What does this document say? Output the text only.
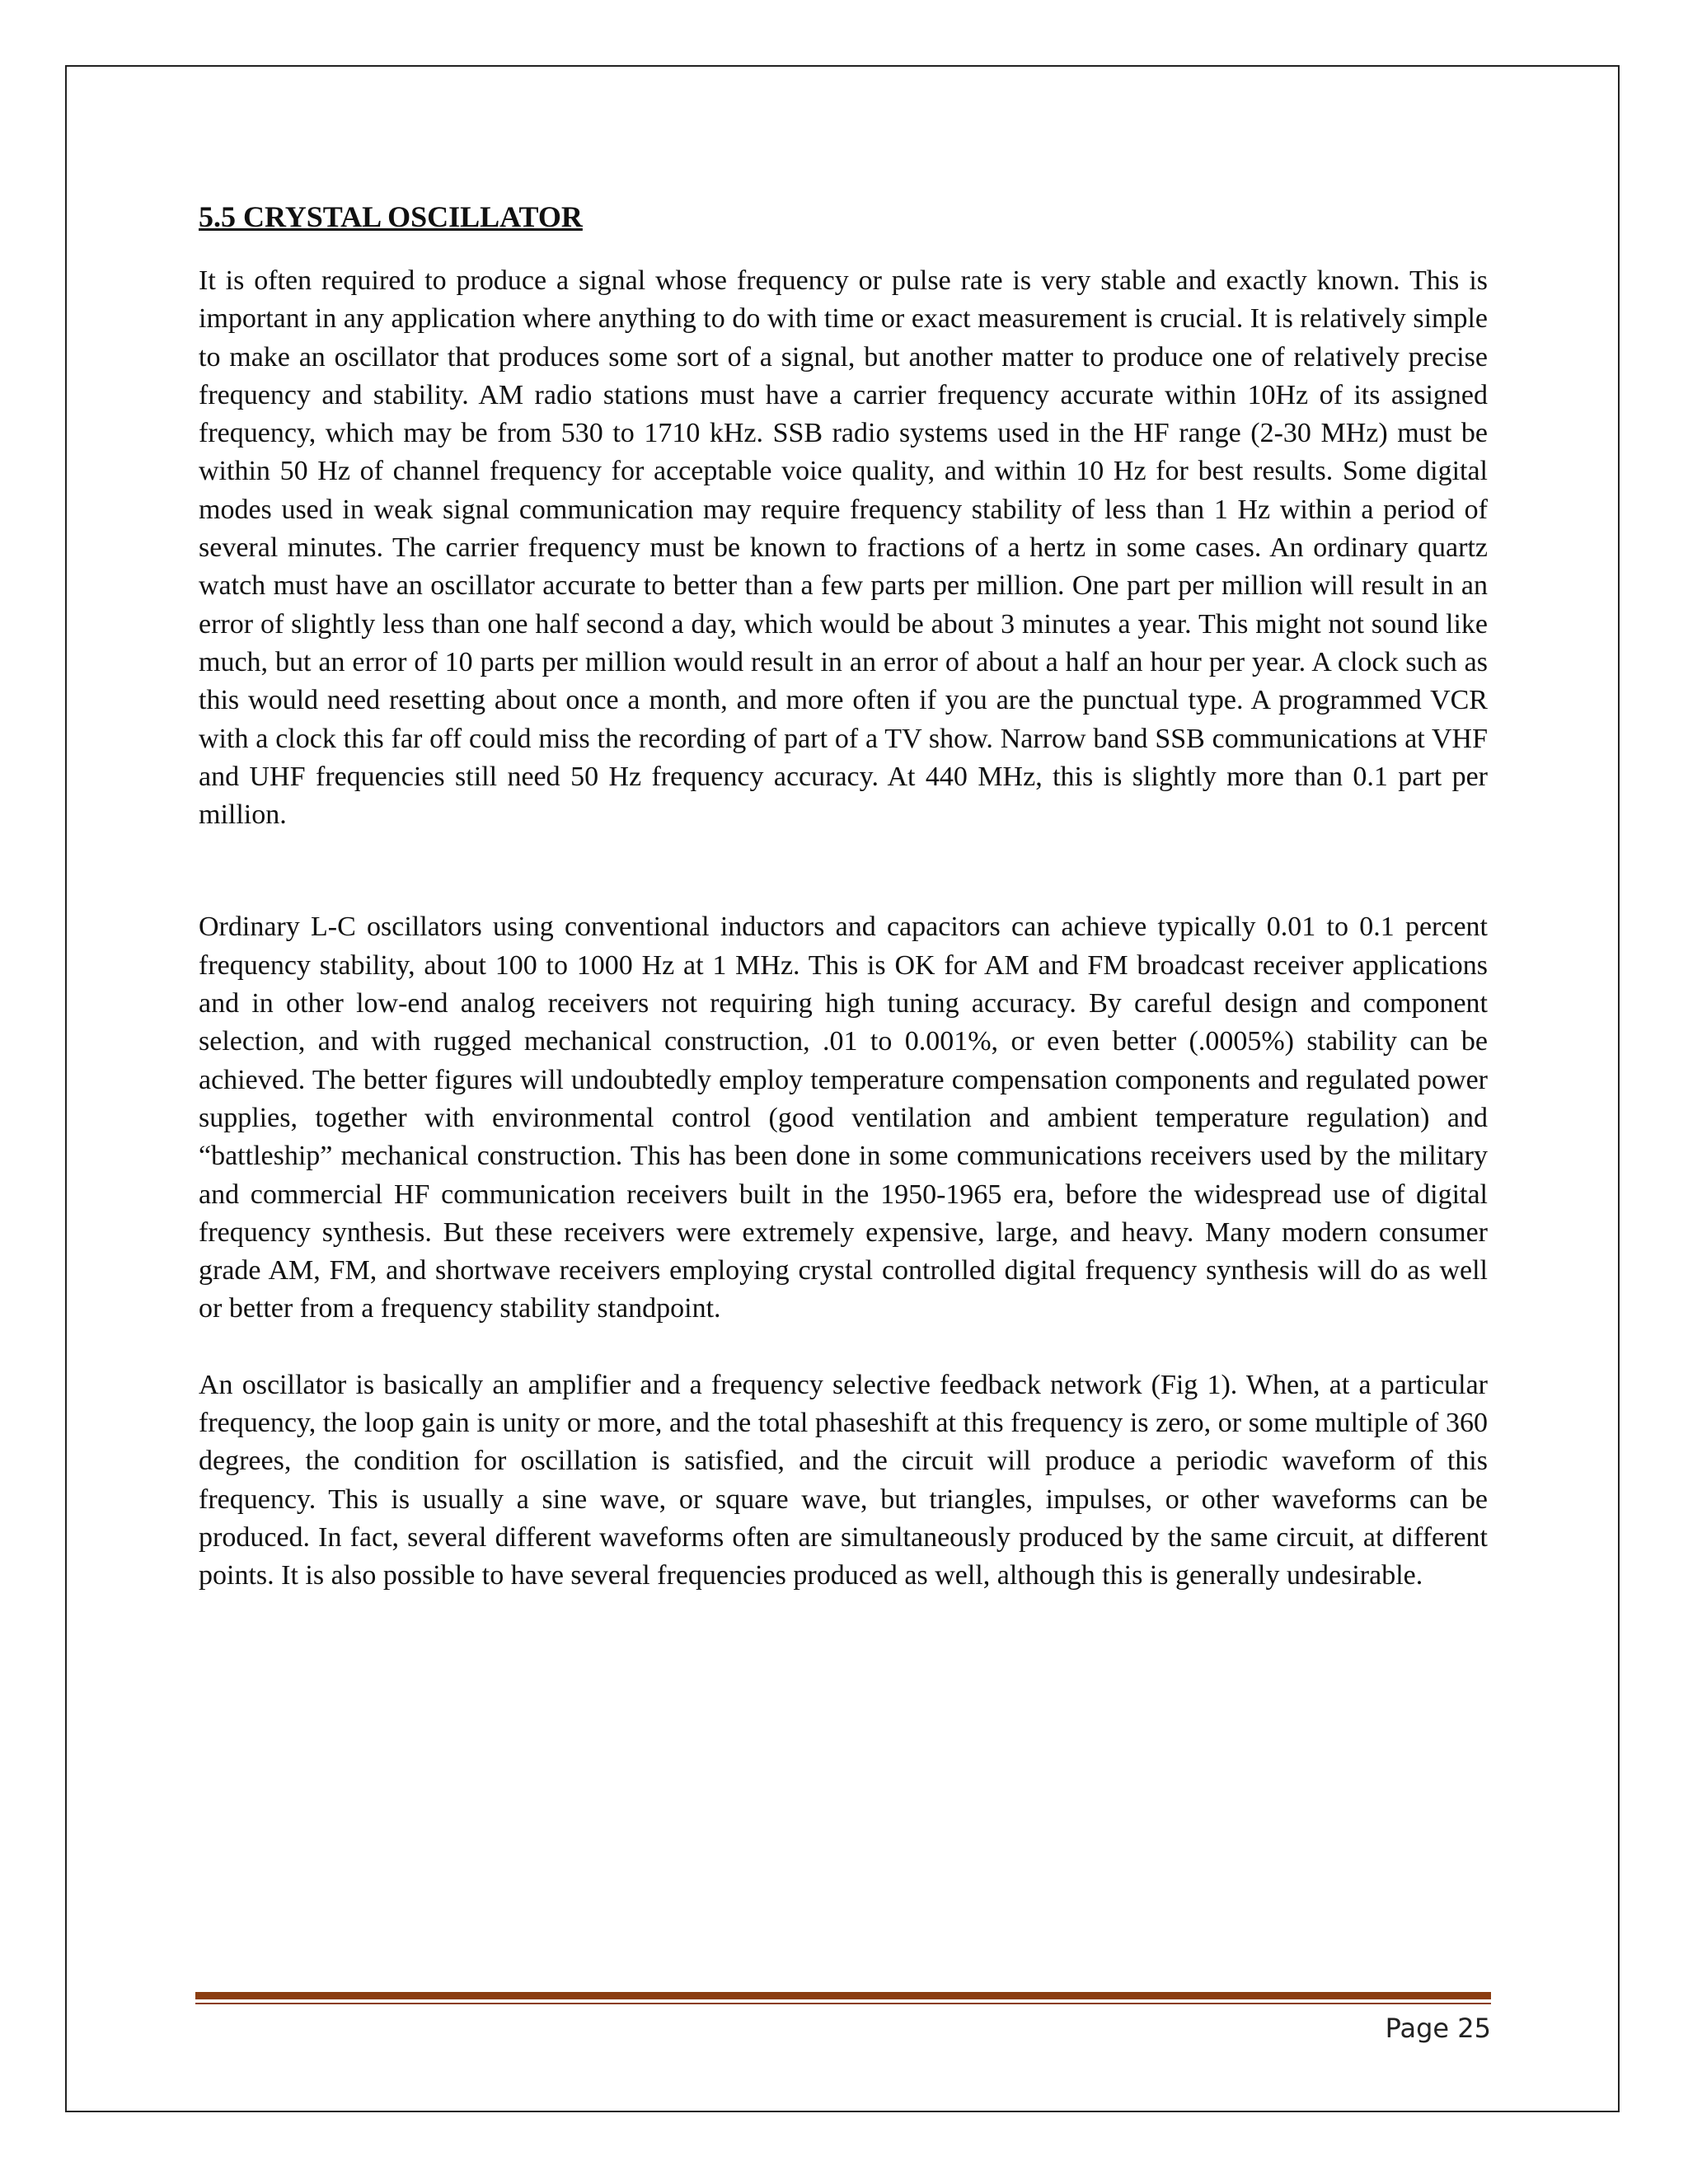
5.5 CRYSTAL OSCILLATOR

It is often required to produce a signal whose frequency or pulse rate is very stable and exactly known. This is important in any application where anything to do with time or exact measurement is crucial. It is relatively simple to make an oscillator that produces some sort of a signal, but another matter to produce one of relatively precise frequency and stability. AM radio stations must have a carrier frequency accurate within 10Hz of its assigned frequency, which may be from 530 to 1710 kHz. SSB radio systems used in the HF range (2-30 MHz) must be within 50 Hz of channel frequency for acceptable voice quality, and within 10 Hz for best results. Some digital modes used in weak signal communication may require frequency stability of less than 1 Hz within a period of several minutes. The carrier frequency must be known to fractions of a hertz in some cases. An ordinary quartz watch must have an oscillator accurate to better than a few parts per million. One part per million will result in an error of slightly less than one half second a day, which would be about 3 minutes a year. This might not sound like much, but an error of 10 parts per million would result in an error of about a half an hour per year. A clock such as this would need resetting about once a month, and more often if you are the punctual type. A programmed VCR with a clock this far off could miss the recording of part of a TV show. Narrow band SSB communications at VHF and UHF frequencies still need 50 Hz frequency accuracy. At 440 MHz, this is slightly more than 0.1 part per million.

Ordinary L-C oscillators using conventional inductors and capacitors can achieve typically 0.01 to 0.1 percent frequency stability, about 100 to 1000 Hz at 1 MHz. This is OK for AM and FM broadcast receiver applications and in other low-end analog receivers not requiring high tuning accuracy. By careful design and component selection, and with rugged mechanical construction, .01 to 0.001%, or even better (.0005%) stability can be achieved. The better figures will undoubtedly employ temperature compensation components and regulated power supplies, together with environmental control (good ventilation and ambient temperature regulation) and “battleship” mechanical construction. This has been done in some communications receivers used by the military and commercial HF communication receivers built in the 1950-1965 era, before the widespread use of digital frequency synthesis. But these receivers were extremely expensive, large, and heavy. Many modern consumer grade AM, FM, and shortwave receivers employing crystal controlled digital frequency synthesis will do as well or better from a frequency stability standpoint.

An oscillator is basically an amplifier and a frequency selective feedback network (Fig 1). When, at a particular frequency, the loop gain is unity or more, and the total phaseshift at this frequency is zero, or some multiple of 360 degrees, the condition for oscillation is satisfied, and the circuit will produce a periodic waveform of this frequency. This is usually a sine wave, or square wave, but triangles, impulses, or other waveforms can be produced. In fact, several different waveforms often are simultaneously produced by the same circuit, at different points. It is also possible to have several frequencies produced as well, although this is generally undesirable.

Page 25
